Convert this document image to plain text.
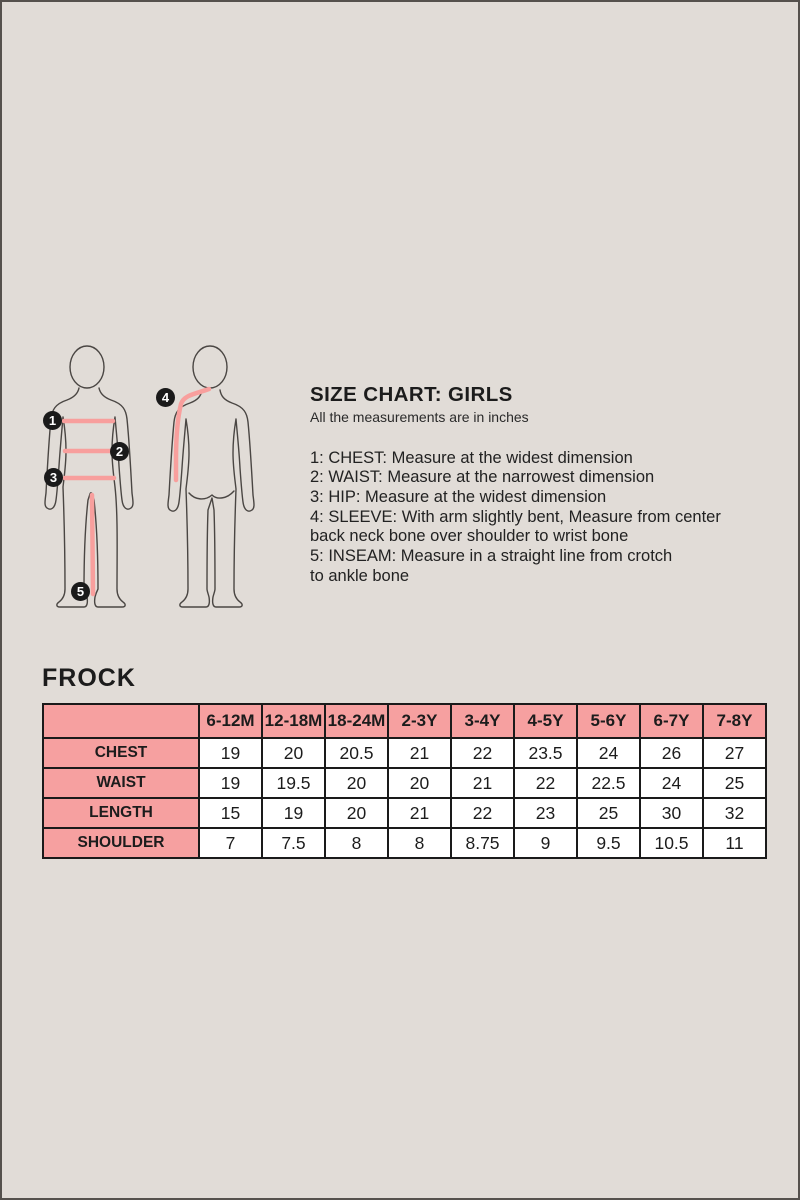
1
2
3
4
5
SIZE CHART: GIRLS

All the measurements are in inches

1: CHEST: Measure at the widest dimension

2: WAIST: Measure at the narrowest dimension

3: HIP: Measure at the widest dimension

4: SLEEVE: With arm slightly bent, Measure from center

back neck bone over shoulder to wrist bone

5: INSEAM: Measure in a straight line from crotch

to ankle bone

FROCK
	6-12M	12-18M	18-24M	2-3Y	3-4Y	4-5Y	5-6Y	6-7Y	7-8Y
CHEST	19	20	20.5	21	22	23.5	24	26	27
WAIST	19	19.5	20	20	21	22	22.5	24	25
LENGTH	15	19	20	21	22	23	25	30	32
SHOULDER	7	7.5	8	8	8.75	9	9.5	10.5	11
